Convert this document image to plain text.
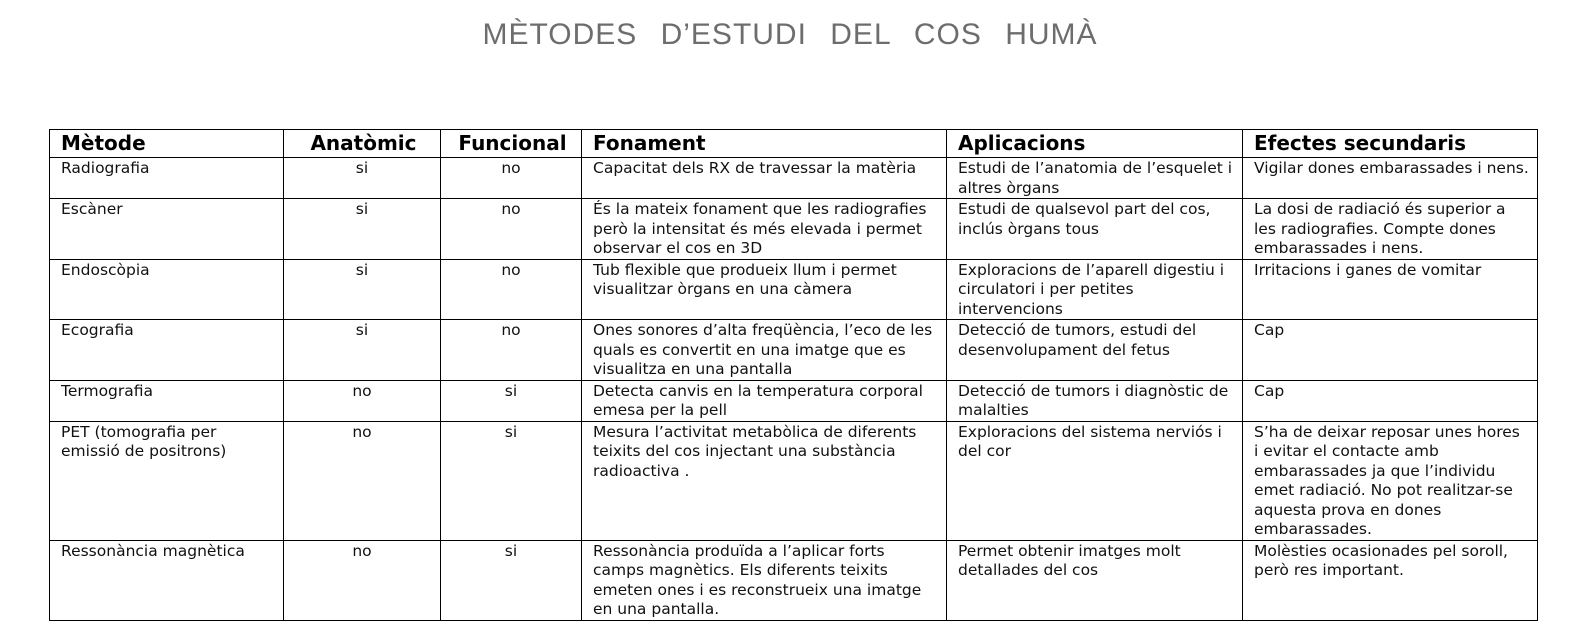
MÈTODES D’ESTUDI DEL COS HUMÀ
Mètode	Anatòmic	Funcional	Fonament	Aplicacions	Efectes secundaris
Radiografia	si	no	Capacitat dels RX de travessar la matèria	Estudi de l’anatomia de l’esquelet i altres òrgans	Vigilar dones embarassades i nens.
Escàner	si	no	És la mateix fonament que les radiografies però la intensitat és més elevada i permet observar el cos en 3D	Estudi de qualsevol part del cos, inclús òrgans tous	La dosi de radiació és superior a les radiografies. Compte dones embarassades i nens.
Endoscòpia	si	no	Tub flexible que produeix llum i permet visualitzar òrgans en una càmera	Exploracions de l’aparell digestiu i circulatori i per petites intervencions	Irritacions i ganes de vomitar
Ecografia	si	no	Ones sonores d’alta freqüència, l’eco de les quals es convertit en una imatge que es visualitza en una pantalla	Detecció de tumors, estudi del desenvolupament del fetus	Cap
Termografia	no	si	Detecta canvis en la temperatura corporal emesa per la pell	Detecció de tumors i diagnòstic de malalties	Cap
PET (tomografia per emissió de positrons)	no	si	Mesura l’activitat metabòlica de diferents teixits del cos injectant una substància radioactiva .	Exploracions del sistema nerviós i del cor	S’ha de deixar reposar unes hores i evitar el contacte amb embarassades ja que l’individu emet radiació. No pot realitzar-se aquesta prova en dones embarassades.
Ressonància magnètica	no	si	Ressonància produïda a l’aplicar forts camps magnètics. Els diferents teixits emeten ones i es reconstrueix una imatge en una pantalla.	Permet obtenir imatges molt detallades del cos	Molèsties ocasionades pel soroll, però res important.
